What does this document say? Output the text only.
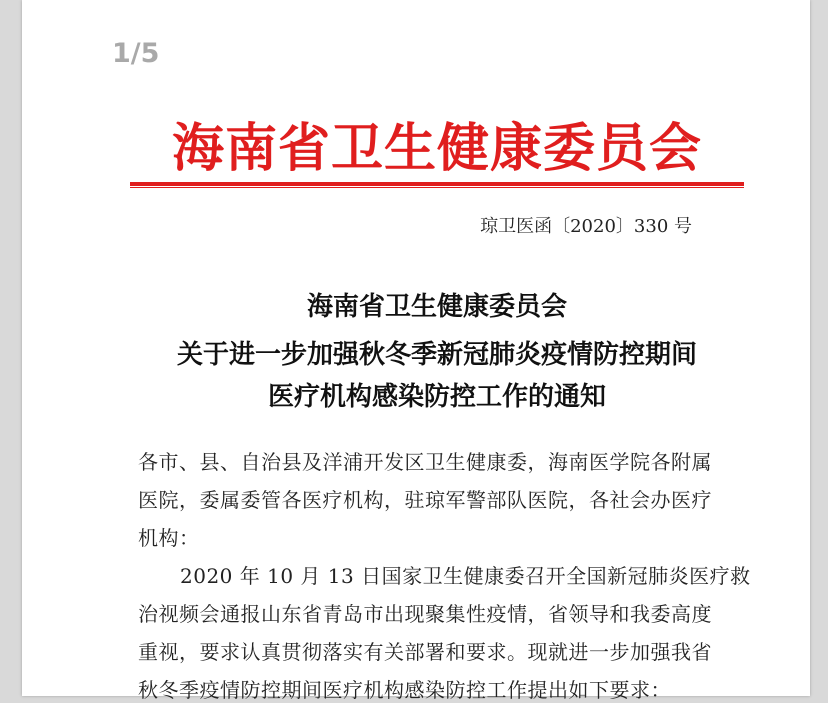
1/5
海南省卫生健康委员会
琼卫医函〔2020〕330 号
海南省卫生健康委员会
关于进一步加强秋冬季新冠肺炎疫情防控期间
医疗机构感染防控工作的通知
各市、县、自治县及洋浦开发区卫生健康委，海南医学院各附属
医院，委属委管各医疗机构，驻琼军警部队医院，各社会办医疗
机构：
2020 年 10 月 13 日国家卫生健康委召开全国新冠肺炎医疗救
治视频会通报山东省青岛市出现聚集性疫情，省领导和我委高度
重视，要求认真贯彻落实有关部署和要求。现就进一步加强我省
秋冬季疫情防控期间医疗机构感染防控工作提出如下要求：
